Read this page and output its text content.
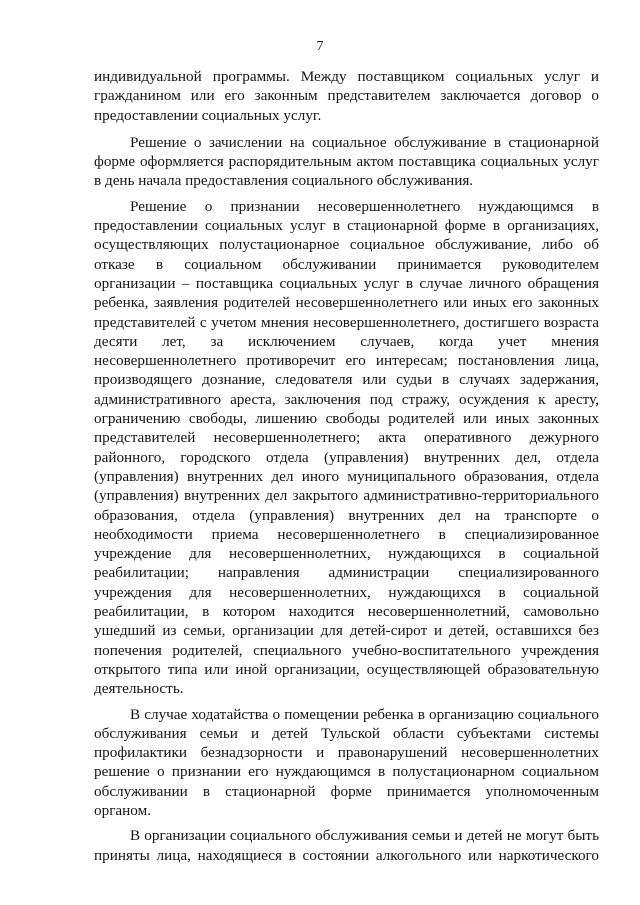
7

индивидуальной программы. Между поставщиком социальных услуг и
гражданином или его законным представителем заключается договор о
предоставлении социальных услуг.

Решение о зачислении на социальное обслуживание в стационарной
форме оформляется распорядительным актом поставщика социальных услуг
в день начала предоставления социального обслуживания.

Решение о признании несовершеннолетнего нуждающимся в
предоставлении социальных услуг в стационарной форме в организациях,
осуществляющих полустационарное социальное обслуживание, либо об
отказе в социальном обслуживании принимается руководителем
организации – поставщика социальных услуг в случае личного обращения
ребенка, заявления родителей несовершеннолетнего или иных его законных
представителей с учетом мнения несовершеннолетнего, достигшего возраста
десяти лет, за исключением случаев, когда учет мнения
несовершеннолетнего противоречит его интересам; постановления лица,
производящего дознание, следователя или судьи в случаях задержания,
административного ареста, заключения под стражу, осуждения к аресту,
ограничению свободы, лишению свободы родителей или иных законных
представителей несовершеннолетнего; акта оперативного дежурного
районного, городского отдела (управления) внутренних дел, отдела
(управления) внутренних дел иного муниципального образования, отдела
(управления) внутренних дел закрытого административно-территориального
образования, отдела (управления) внутренних дел на транспорте о
необходимости приема несовершеннолетнего в специализированное
учреждение для несовершеннолетних, нуждающихся в социальной
реабилитации; направления администрации специализированного
учреждения для несовершеннолетних, нуждающихся в социальной
реабилитации, в котором находится несовершеннолетний, самовольно
ушедший из семьи, организации для детей-сирот и детей, оставшихся без
попечения родителей, специального учебно-воспитательного учреждения
открытого типа или иной организации, осуществляющей образовательную
деятельность.

В случае ходатайства о помещении ребенка в организацию социального
обслуживания семьи и детей Тульской области субъектами системы
профилактики безнадзорности и правонарушений несовершеннолетних
решение о признании его нуждающимся в полустационарном социальном
обслуживании в стационарной форме принимается уполномоченным
органом.

В организации социального обслуживания семьи и детей не могут быть
приняты лица, находящиеся в состоянии алкогольного или наркотического
